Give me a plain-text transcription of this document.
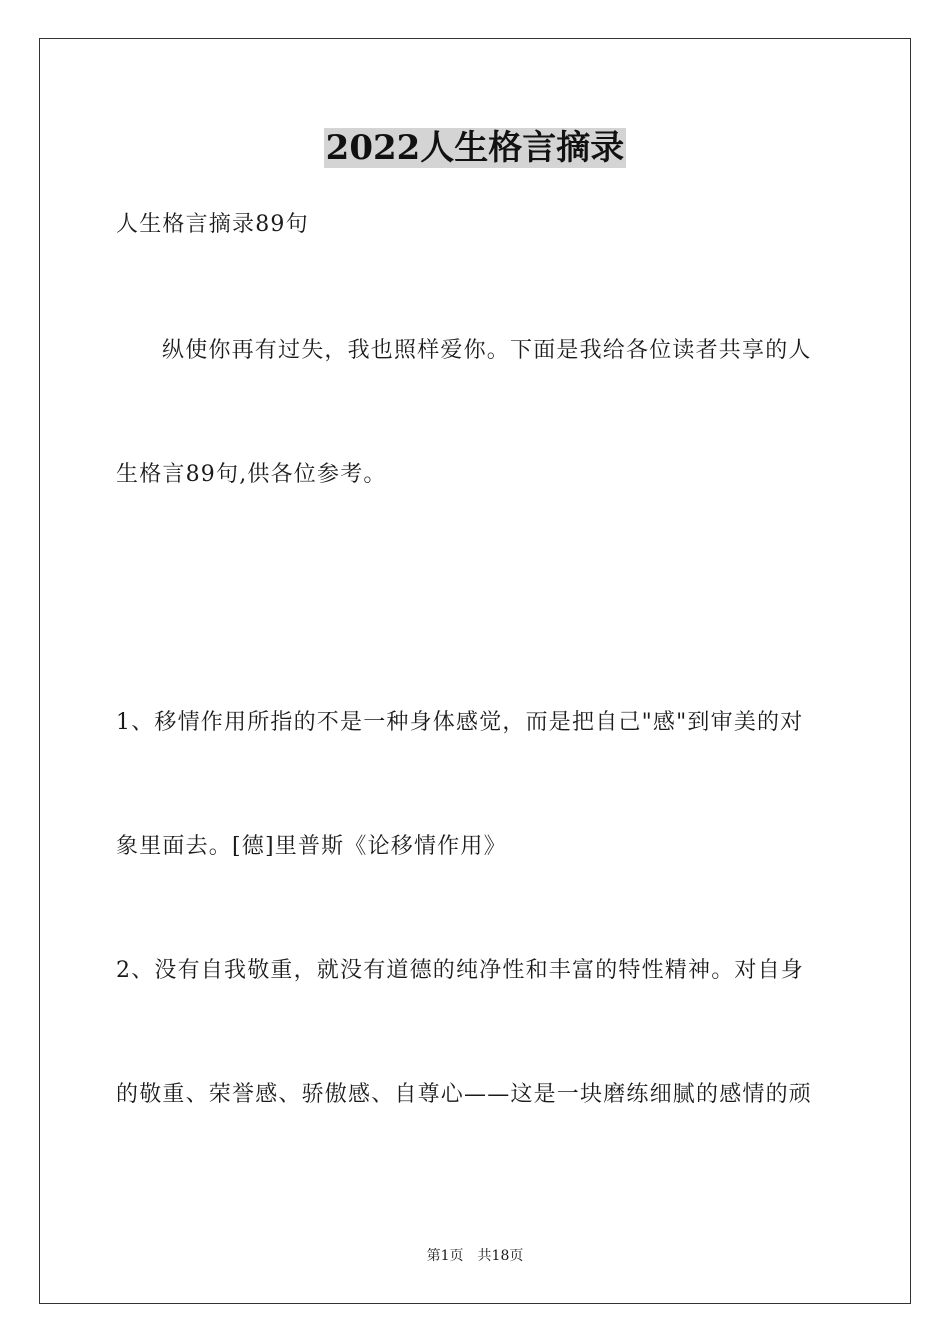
2022人生格言摘录
人生格言摘录89句
纵使你再有过失，我也照样爱你。下面是我给各位读者共享的人
生格言89句,供各位参考。
1、移情作用所指的不是一种身体感觉，而是把自己"感"到审美的对
象里面去。[德]里普斯《论移情作用》
2、没有自我敬重，就没有道德的纯净性和丰富的特性精神。对自身
的敬重、荣誉感、骄傲感、自尊心——这是一块磨练细腻的感情的顽
第1页 共18页
